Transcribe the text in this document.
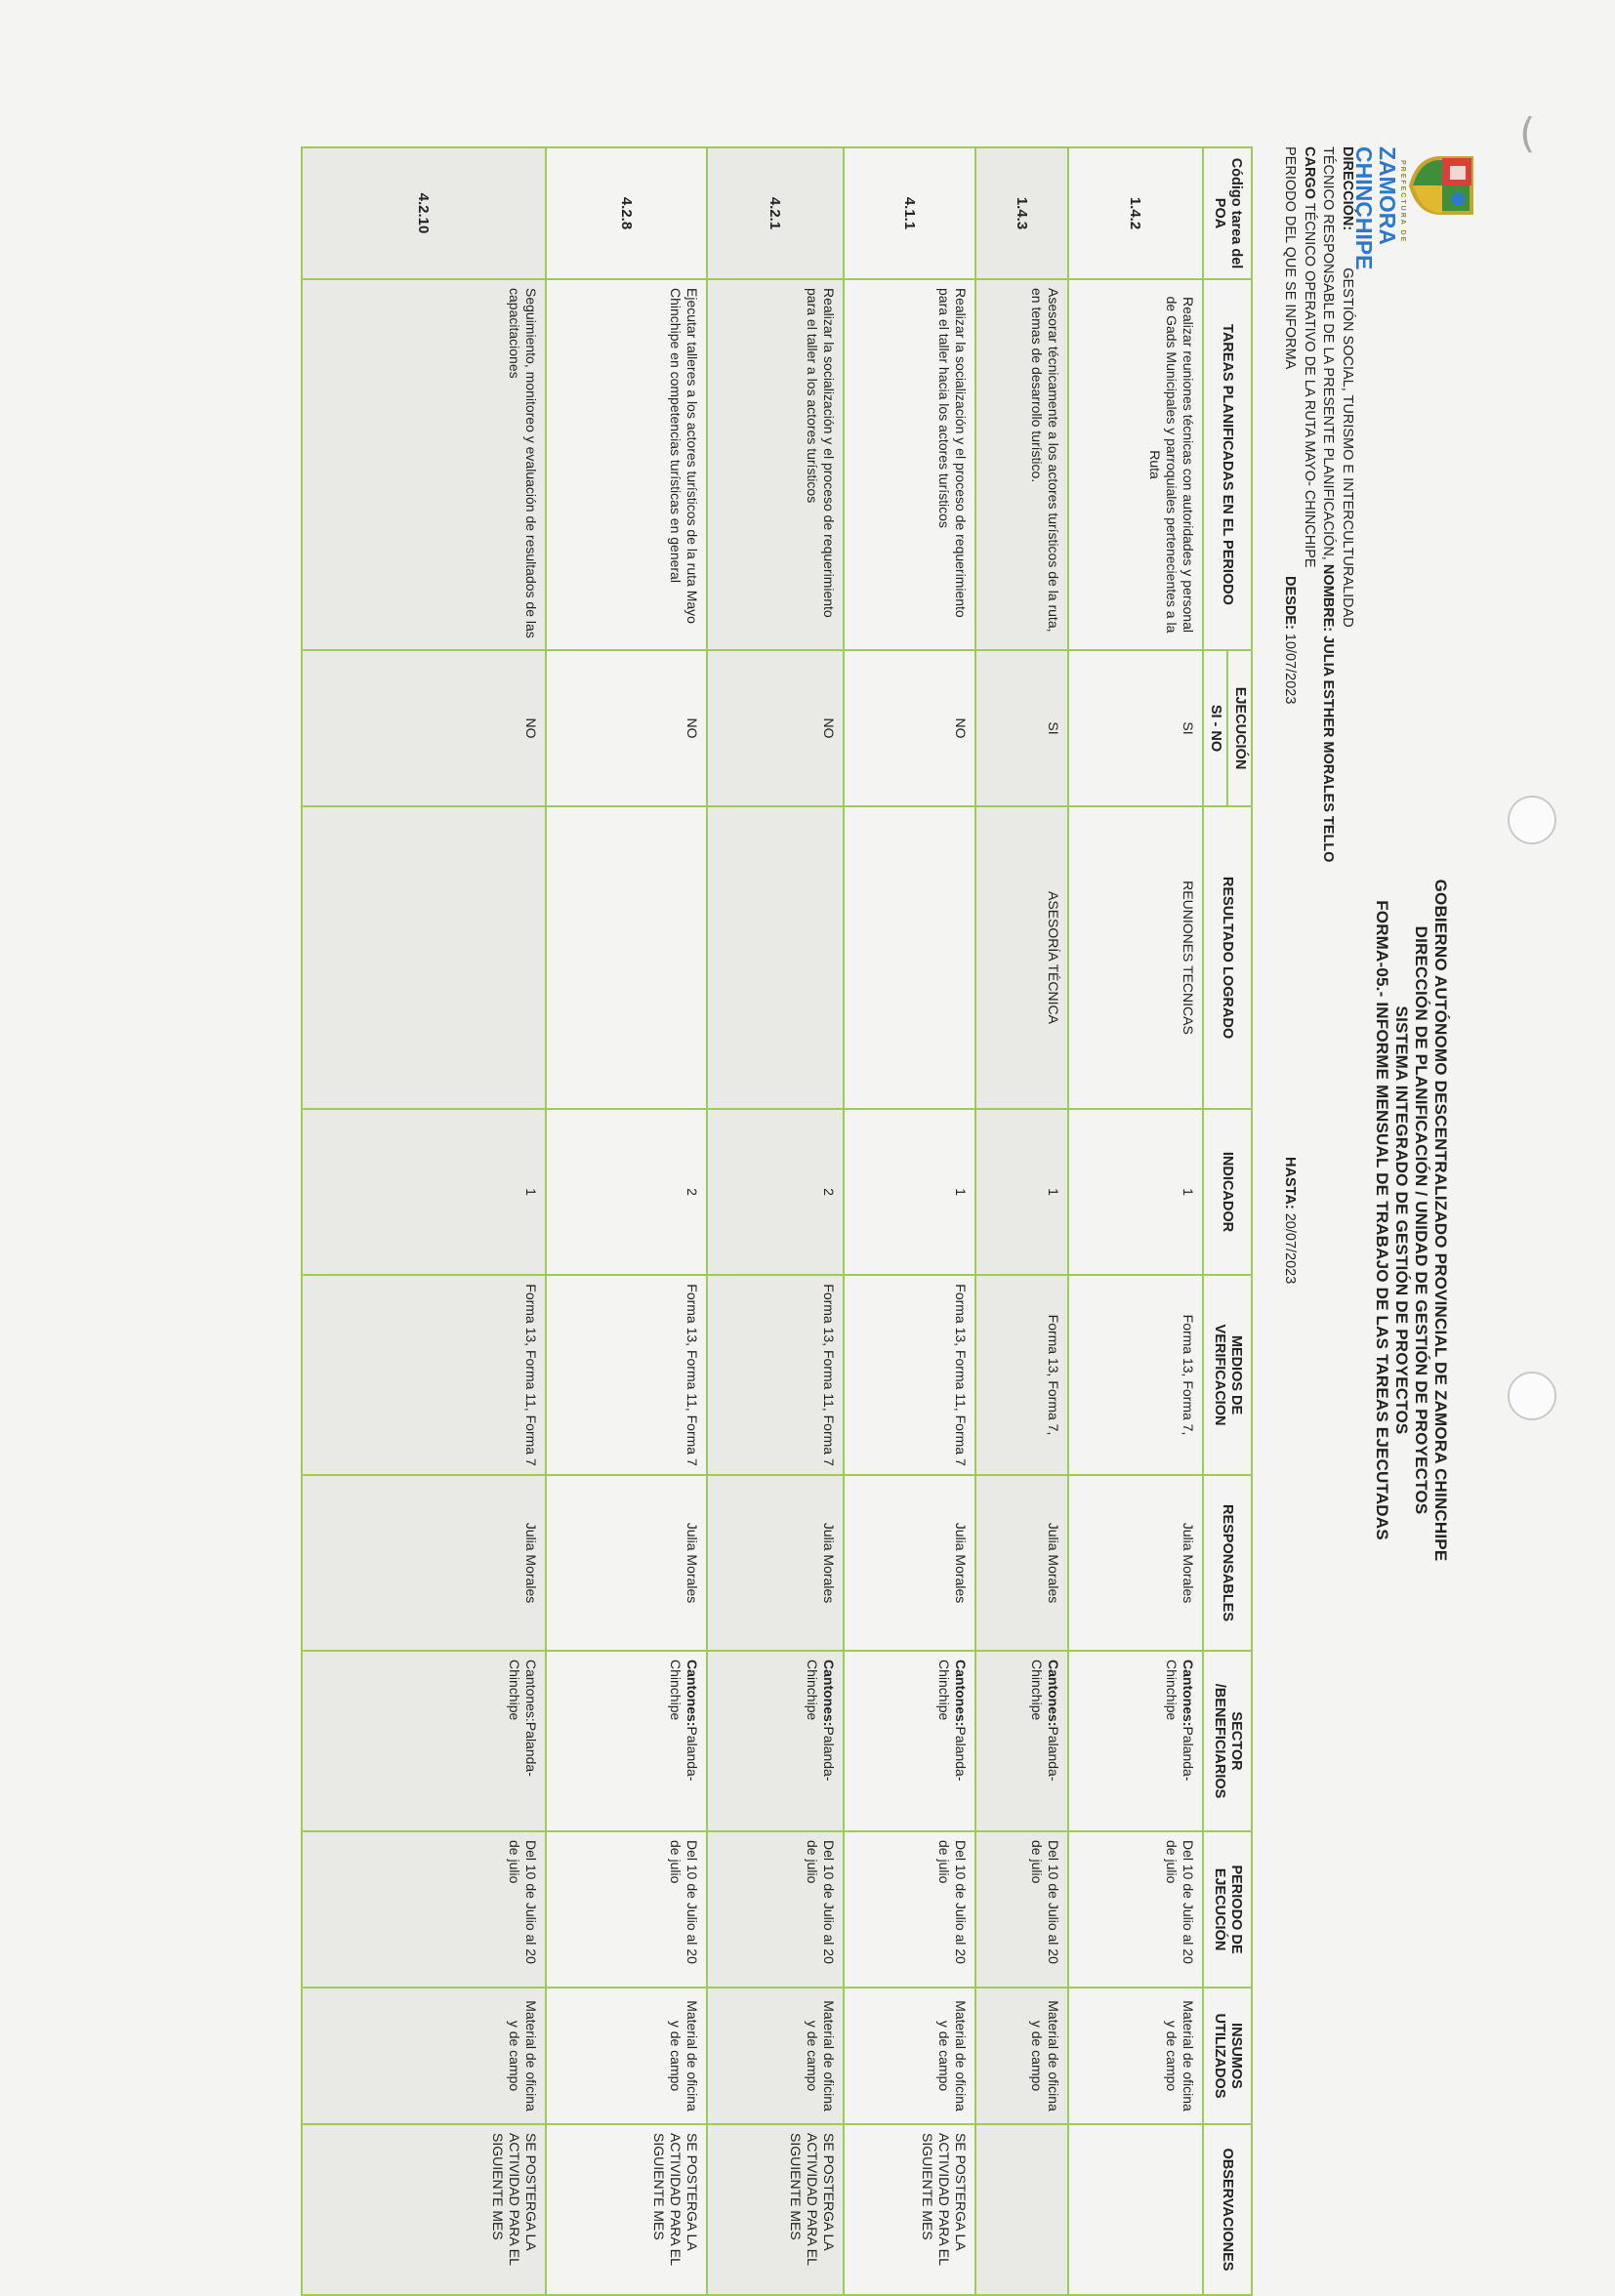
(
PREFECTURA DE
ZAMORA
CHINCHIPE
GOBIERNO AUTÓNOMO DESCENTRALIZADO PROVINCIAL DE ZAMORA CHINCHIPE
DIRECCIÓN DE PLANIFICACIÓN / UNIDAD DE GESTIÓN DE PROYECTOS
SISTEMA INTEGRADO DE GESTIÓN DE PROYECTOS
FORMA-05.- INFORME MENSUAL DE TRABAJO DE LAS TAREAS EJECUTADAS
DIRECCIÓN:  GESTIÓN SOCIAL, TURISMO E INTERCULTURALIDAD
TÉCNICO RESPONSABLE DE LA PRESENTE PLANIFICACIÓN, NOMBRE: JULIA ESTHER MORALES TELLO
CARGO TÉCNICO OPERATIVO DE LA RUTA MAYO- CHINCHIPE
PERIODO DEL QUE SE INFORMA
DESDE: 10/07/2023
HASTA: 20/07/2023
Código tarea del POA	TAREAS PLANIFICADAS EN EL PERIODO	EJECUCIÓN	RESULTADO LOGRADO	INDICADOR	MEDIOS DE VERIFICACION	RESPONSABLES	SECTOR /BENEFICIARIOS	PERIODO DE EJECUCIÓN	INSUMOS UTILIZADOS	OBSERVACIONES
		SI - NO								
1.4.2	Realizar reuniones técnicas con autoridades y personal de Gads Municipales y parroquiales pertenecientes a la Ruta	SI	REUNIONES TECNICAS	1	Forma 13, Forma 7,	Julia Morales	Cantones:Palanda-Chinchipe	Del 10 de Julio al 20 de julio	Material de oficina y de campo	
1.4.3	Asesorar técnicamente a los actores turísticos de la ruta, en temas de desarrollo turístico.	SI	ASESORÍA TÉCNICA	1	Forma 13, Forma 7,	Julia Morales	Cantones:Palanda-Chinchipe	Del 10 de Julio al 20 de julio	Material de oficina y de campo	
4.1.1	Realizar la socialización y el proceso de requerimiento para el taller hacia los actores turísticos	NO		1	Forma 13, Forma 11, Forma 7	Julia Morales	Cantones:Palanda-Chinchipe	Del 10 de Julio al 20 de julio	Material de oficina y de campo	SE POSTERGA LA ACTIVIDAD PARA EL SIGUIENTE MES
4.2.1	Realizar la socialización y el proceso de requerimiento para el taller a los actores turísticos	NO		2	Forma 13, Forma 11, Forma 7	Julia Morales	Cantones:Palanda-Chinchipe	Del 10 de Julio al 20 de julio	Material de oficina y de campo	SE POSTERGA LA ACTIVIDAD PARA EL SIGUIENTE MES
4.2.8	Ejecutar talleres a los actores turísticos de la ruta Mayo Chinchipe en competencias turísticas en general	NO		2	Forma 13, Forma 11, Forma 7	Julia Morales	Cantones:Palanda-Chinchipe	Del 10 de Julio al 20 de julio	Material de oficina y de campo	SE POSTERGA LA ACTIVIDAD PARA EL SIGUIENTE MES
4.2.10	Seguimiento, monitoreo y evaluación de resultados de las capacitaciones	NO		1	Forma 13, Forma 11, Forma 7	Julia Morales	Cantones:Palanda-Chinchipe	Del 10 de Julio al 20 de julio	Material de oficina y de campo	SE POSTERGA LA ACTIVIDAD PARA EL SIGUIENTE MES
